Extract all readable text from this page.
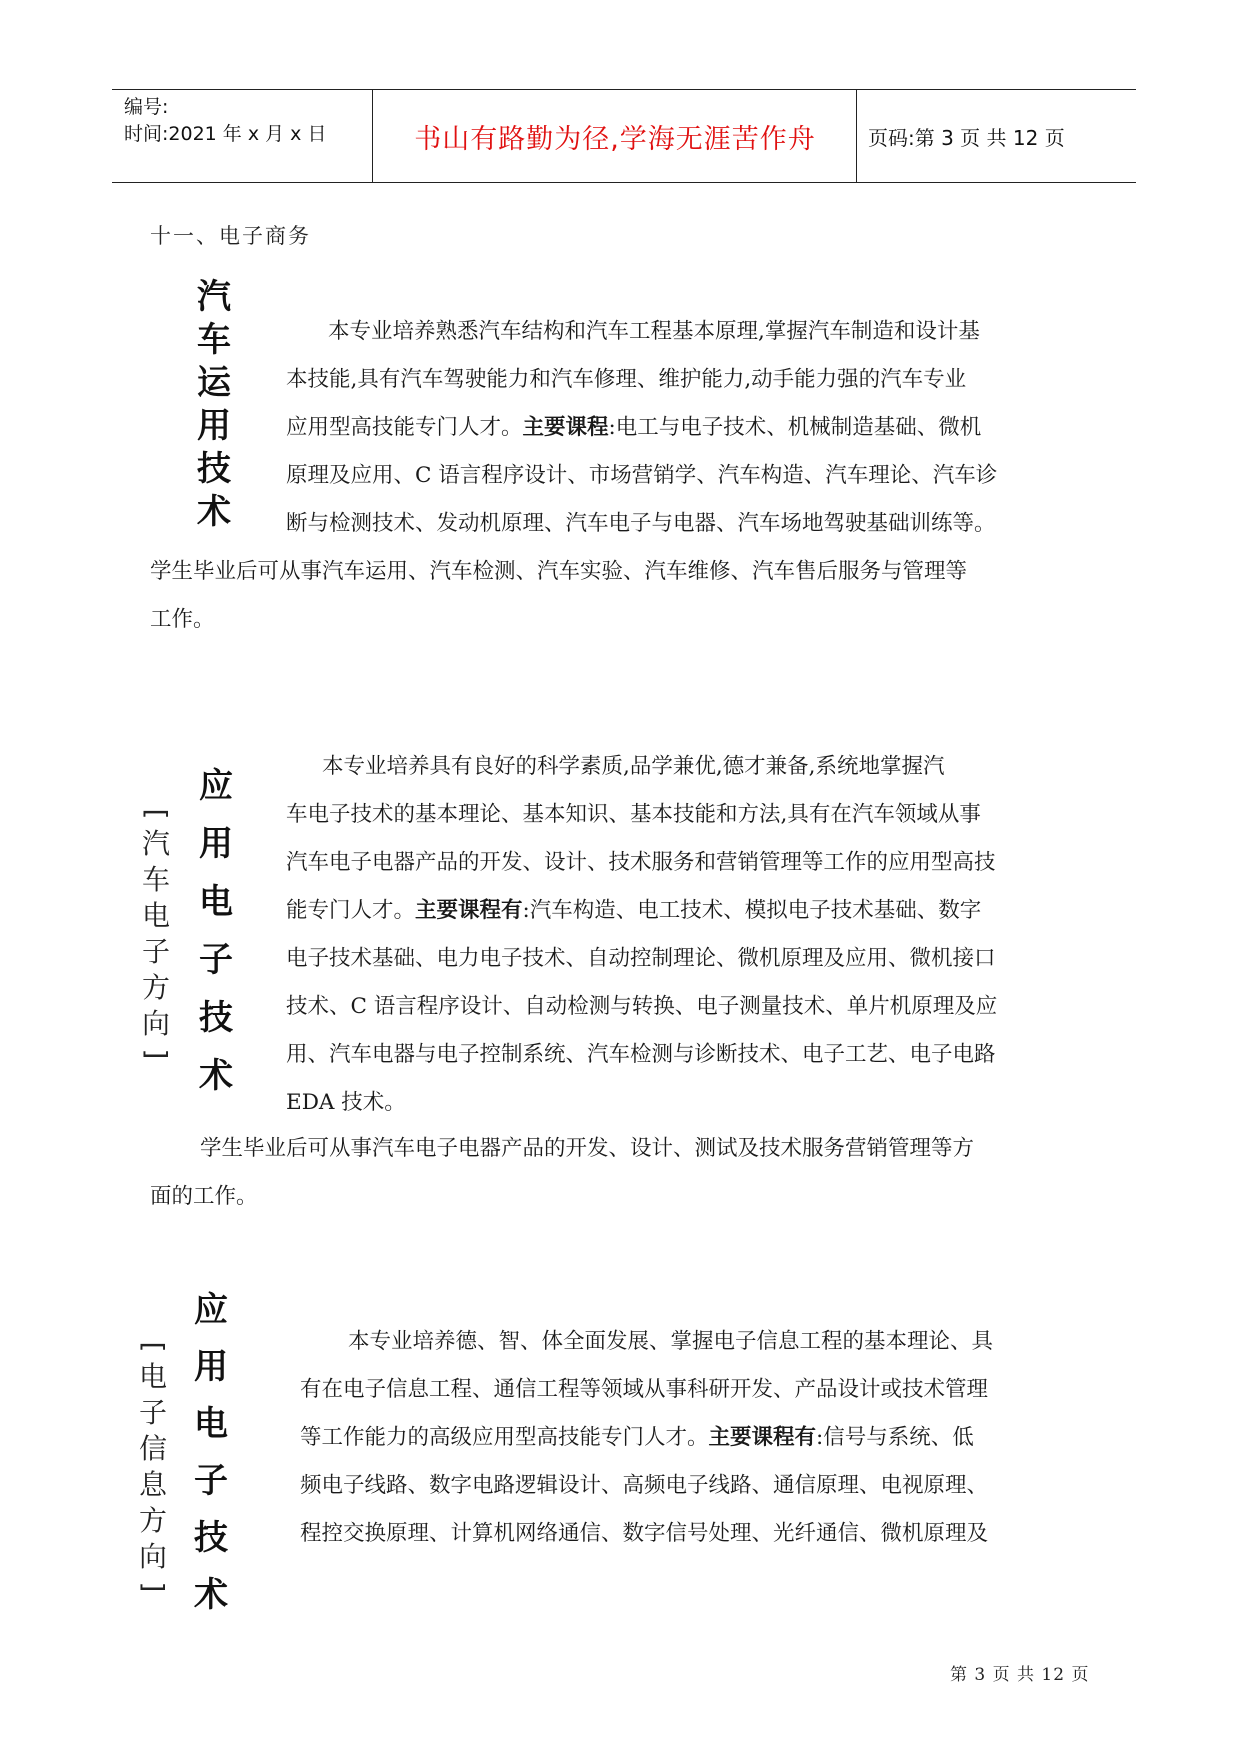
编号:
时间:2021 年 x 月 x 日	书山有路勤为径,学海无涯苦作舟	页码:第 3 页 共 12 页
十一、电子商务
汽
车
运
用
技
术
本专业培养熟悉汽车结构和汽车工程基本原理,掌握汽车制造和设计基
本技能,具有汽车驾驶能力和汽车修理、维护能力,动手能力强的汽车专业
应用型高技能专门人才。主要课程:电工与电子技术、机械制造基础、微机
原理及应用、C 语言程序设计、市场营销学、汽车构造、汽车理论、汽车诊
断与检测技术、发动机原理、汽车电子与电器、汽车场地驾驶基础训练等。
学生毕业后可从事汽车运用、汽车检测、汽车实验、汽车维修、汽车售后服务与管理等
工作。
[
汽
车
电
子
方
向
]
应
用
电
子
技
术
本专业培养具有良好的科学素质,品学兼优,德才兼备,系统地掌握汽
车电子技术的基本理论、基本知识、基本技能和方法,具有在汽车领域从事
汽车电子电器产品的开发、设计、技术服务和营销管理等工作的应用型高技
能专门人才。主要课程有:汽车构造、电工技术、模拟电子技术基础、数字
电子技术基础、电力电子技术、自动控制理论、微机原理及应用、微机接口
技术、C 语言程序设计、自动检测与转换、电子测量技术、单片机原理及应
用、汽车电器与电子控制系统、汽车检测与诊断技术、电子工艺、电子电路
EDA 技术。
学生毕业后可从事汽车电子电器产品的开发、设计、测试及技术服务营销管理等方
面的工作。
应
用
电
子
技
术
[
电
子
信
息
方
向
]
本专业培养德、智、体全面发展、掌握电子信息工程的基本理论、具
有在电子信息工程、通信工程等领域从事科研开发、产品设计或技术管理
等工作能力的高级应用型高技能专门人才。主要课程有:信号与系统、低
频电子线路、数字电路逻辑设计、高频电子线路、通信原理、电视原理、
程控交换原理、计算机网络通信、数字信号处理、光纤通信、微机原理及
第 3 页 共 12 页
